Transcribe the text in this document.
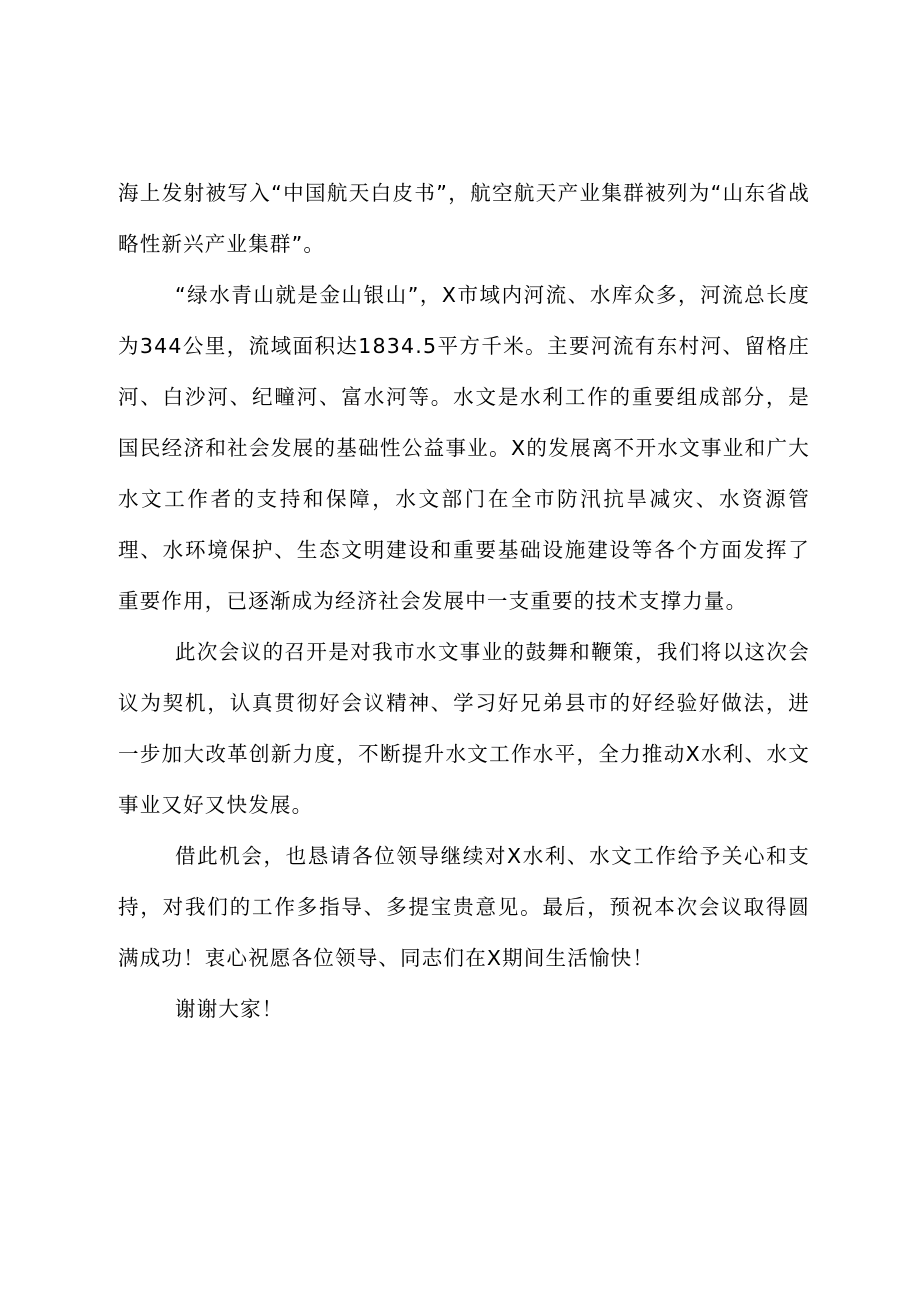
海上发射被写入“中国航天白皮书”，航空航天产业集群被列为“山东省战略性新兴产业集群”。

“绿水青山就是金山银山”，X市域内河流、水库众多，河流总长度为344公里，流域面积达1834.5平方千米。主要河流有东村河、留格庄河、白沙河、纪疃河、富水河等。水文是水利工作的重要组成部分，是国民经济和社会发展的基础性公益事业。X的发展离不开水文事业和广大水文工作者的支持和保障，水文部门在全市防汛抗旱减灾、水资源管理、水环境保护、生态文明建设和重要基础设施建设等各个方面发挥了重要作用，已逐渐成为经济社会发展中一支重要的技术支撑力量。

此次会议的召开是对我市水文事业的鼓舞和鞭策，我们将以这次会议为契机，认真贯彻好会议精神、学习好兄弟县市的好经验好做法，进一步加大改革创新力度，不断提升水文工作水平，全力推动X水利、水文事业又好又快发展。

借此机会，也恳请各位领导继续对X水利、水文工作给予关心和支持，对我们的工作多指导、多提宝贵意见。最后，预祝本次会议取得圆满成功！衷心祝愿各位领导、同志们在X期间生活愉快！

谢谢大家！
